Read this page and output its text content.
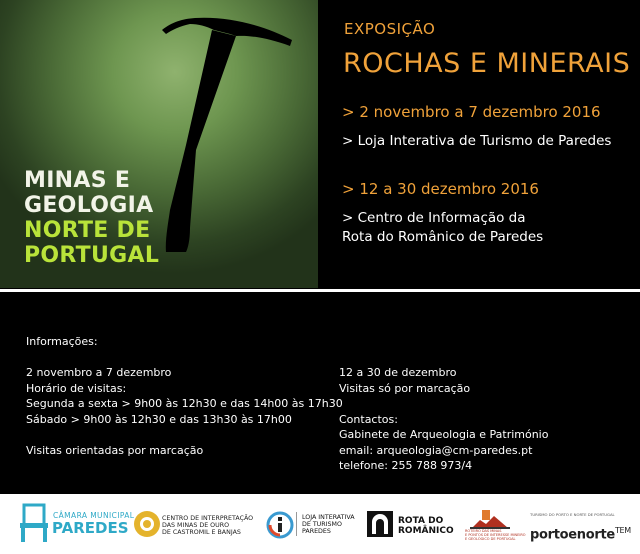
MINAS E
GEOLOGIA
NORTE DE
PORTUGAL
EXPOSIÇÃO
ROCHAS E MINERAIS
> 2 novembro a 7 dezembro 2016
> Loja Interativa de Turismo de Paredes
> 12 a 30 dezembro 2016
> Centro de Informação da
Rota do Românico de Paredes
Informações:
2 novembro a 7 dezembro
Horário de visitas:
Segunda a sexta > 9h00 às 12h30 e das 14h00 às 17h30
Sábado > 9h00 às 12h30 e das 13h30 às 17h00
Visitas orientadas por marcação
12 a 30 de dezembro
Visitas só por marcação
Contactos:
Gabinete de Arqueologia e Património
email: arqueologia@cm-paredes.pt
telefone: 255 788 973/4
CÂMARA MUNICIPAL
PAREDES
CENTRO DE INTERPRETAÇÃO
DAS MINAS DE OURO
DE CASTROMIL E BANJAS
LOJA INTERATIVA
DE TURISMO
PAREDES
ROTA DO
ROMÂNICO	ROTEIRO DAS MINAS
E PONTOS DE INTERESSE MINEIRO
E GEOLÓGICO DE PORTUGAL
TURISMO DO PORTO E NORTE DE PORTUGAL
portoenorte$^{TEM}$
